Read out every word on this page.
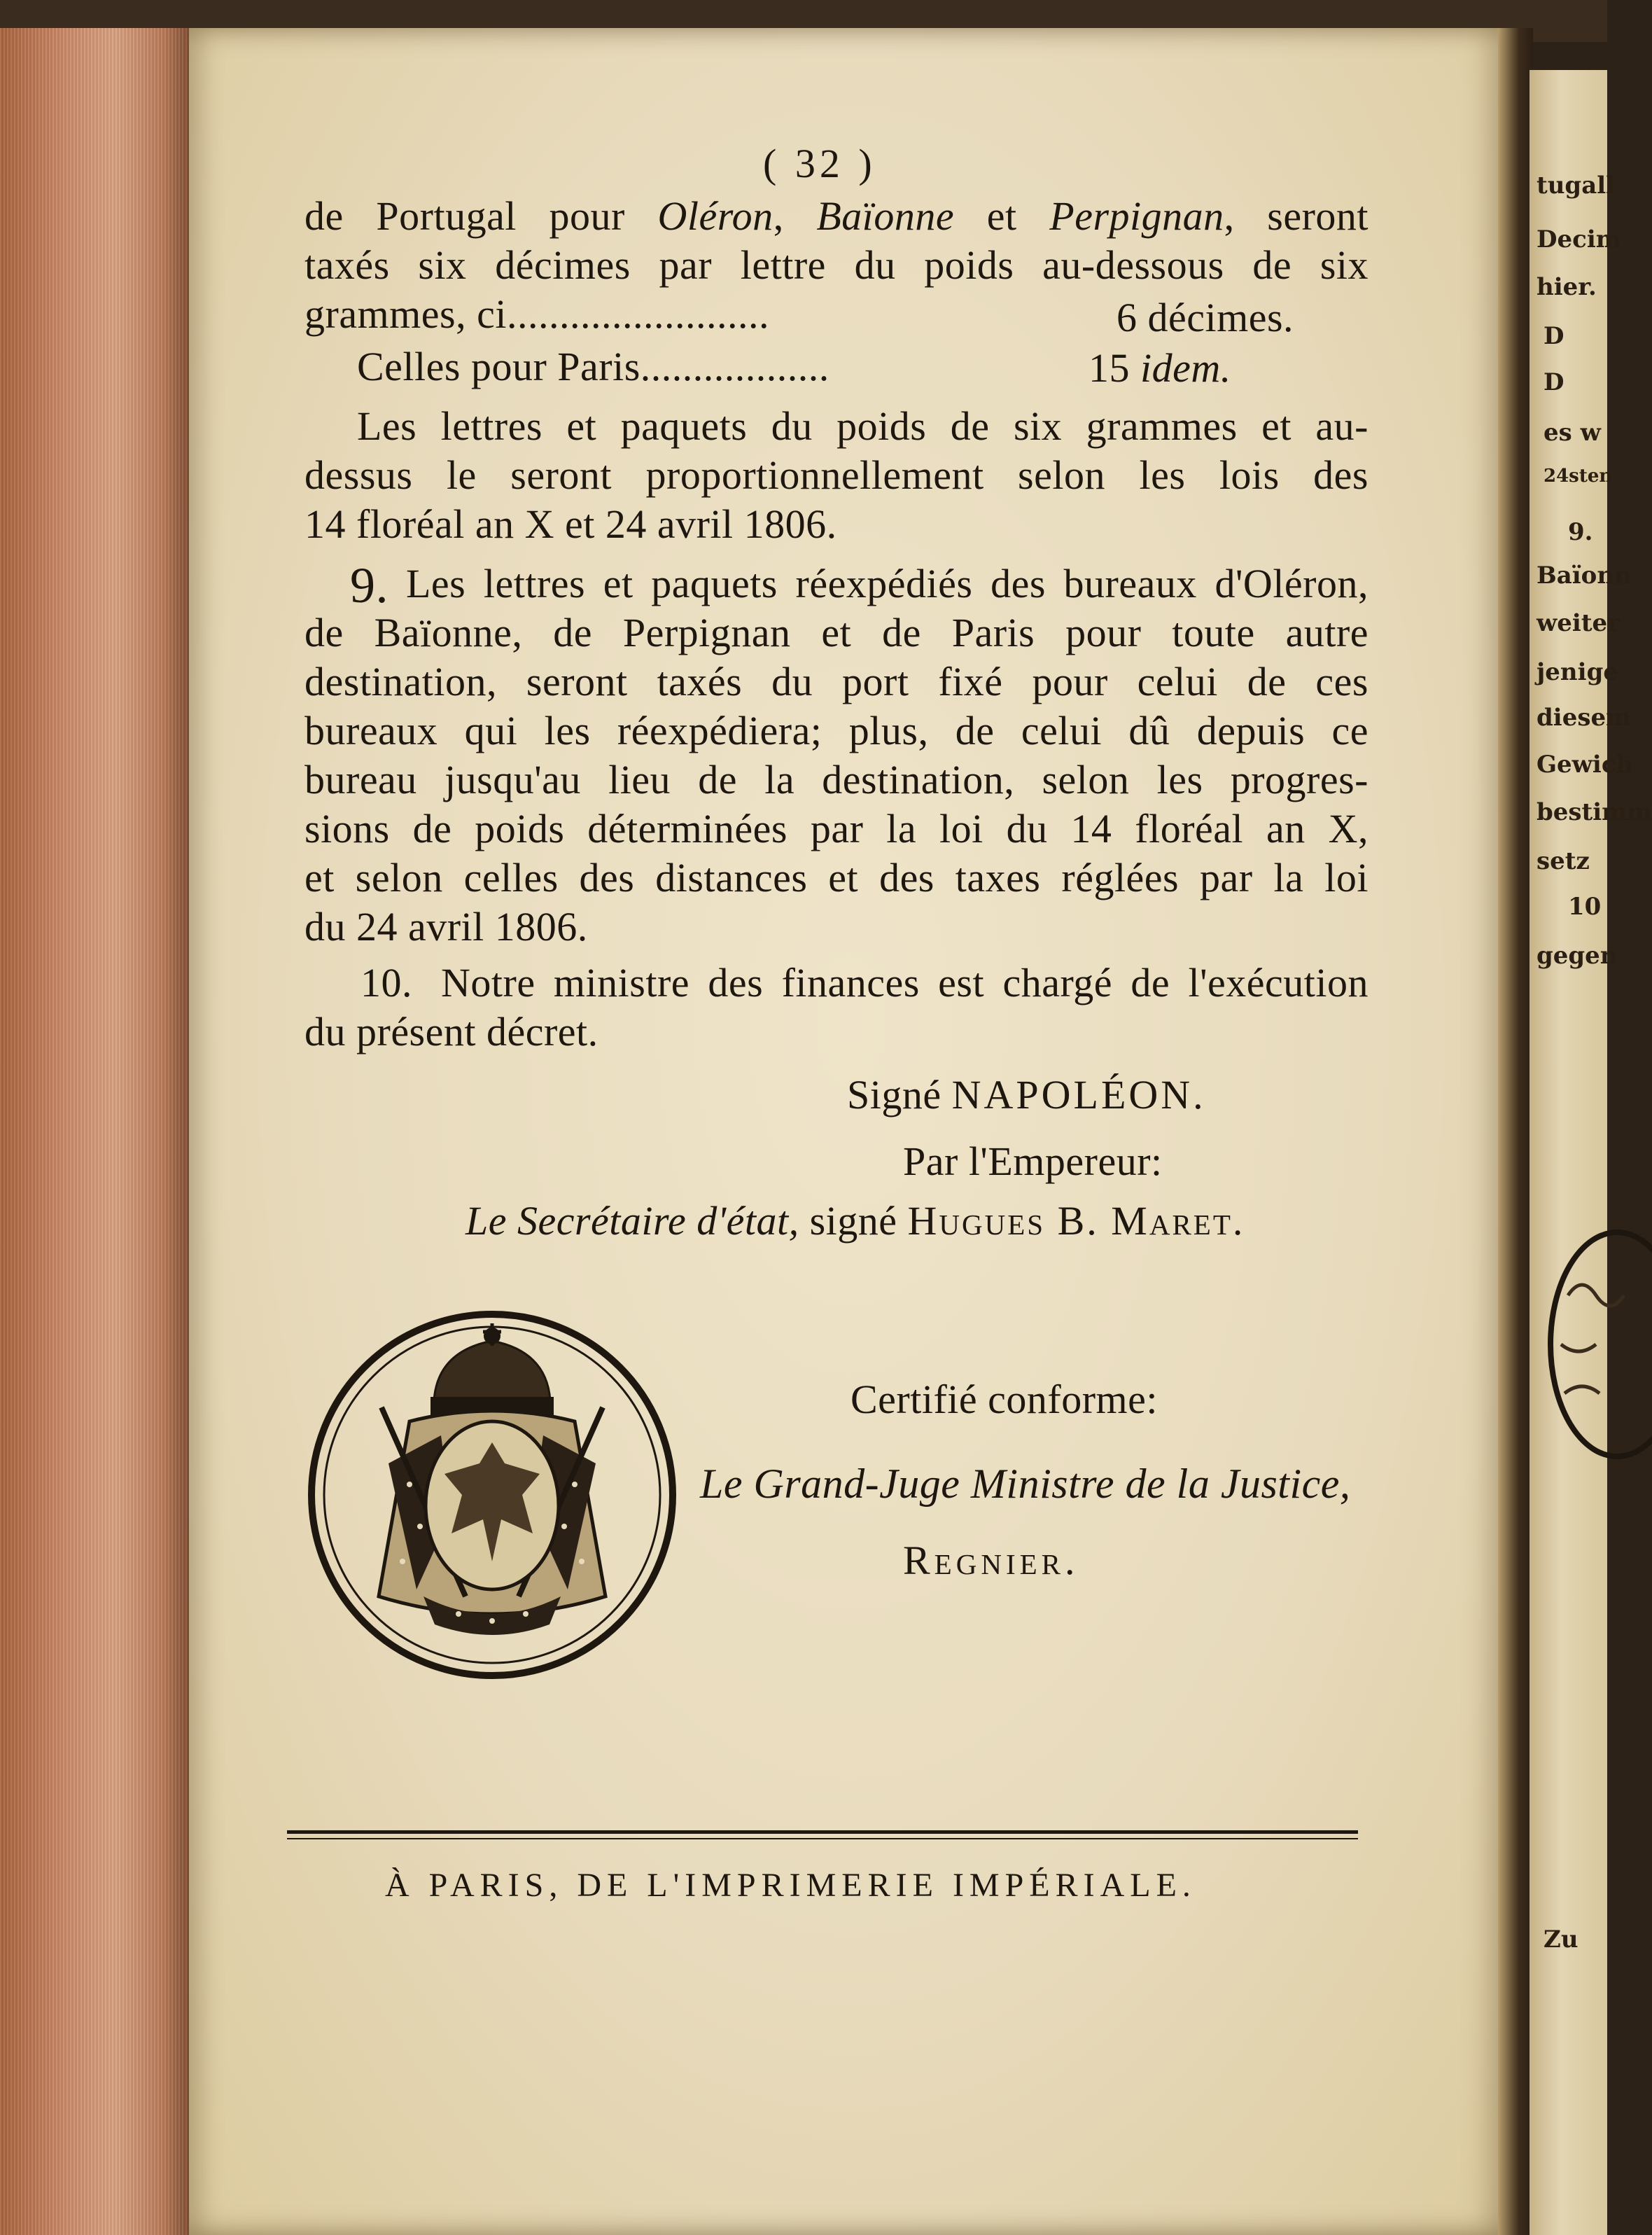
tugall
Decim
hier.
D
D
es w
24sten
9.
Baïonn
weiter
jenige
diesem
Gewich
bestimm
setz
10
gegen
Zu
( 32 )
de Portugal pour Oléron, Baïonne et Perpignan, seront
taxés six décimes par lettre du poids au-dessous de six
grammes, ci.........................	6 décimes.
Celles pour Paris..................	15 idem.
Les lettres et paquets du poids de six grammes et au-
dessus le seront proportionnellement selon les lois des
14 floréal an X et 24 avril 1806.
9. Les lettres et paquets réexpédiés des bureaux d'Oléron,
de Baïonne, de Perpignan et de Paris pour toute autre
destination, seront taxés du port fixé pour celui de ces
bureaux qui les réexpédiera; plus, de celui dû depuis ce
bureau jusqu'au lieu de la destination, selon les progres-
sions de poids déterminées par la loi du 14 floréal an X,
et selon celles des distances et des taxes réglées par la loi
du 24 avril 1806.
10. Notre ministre des finances est chargé de l'exécution
du présent décret.
Signé NAPOLÉON.
Par l'Empereur:
Le Secrétaire d'état, signé Hugues B. Maret.
Certifié conforme:
Le Grand-Juge Ministre de la Justice,
Regnier.
À PARIS, DE L'IMPRIMERIE IMPÉRIALE.
